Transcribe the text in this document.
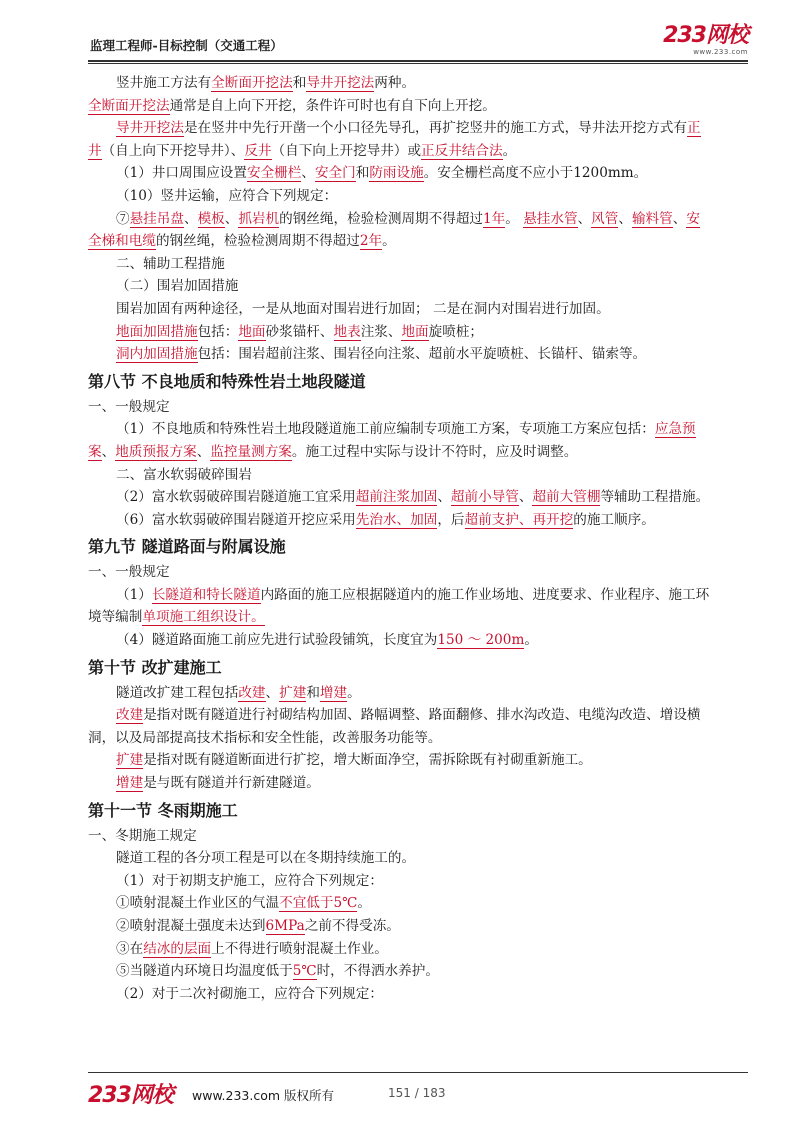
监理工程师-目标控制（交通工程）	233网校
www.233.com
竖井施工方法有全断面开挖法和导井开挖法两种。
全断面开挖法通常是自上向下开挖，条件许可时也有自下向上开挖。
导井开挖法是在竖井中先行开凿一个小口径先导孔，再扩挖竖井的施工方式，导井法开挖方式有正
井（自上向下开挖导井）、反井（自下向上开挖导井）或正反井结合法。
（1）井口周围应设置安全栅栏、安全门和防雨设施。安全栅栏高度不应小于1200mm。
（10）竖井运输，应符合下列规定：
⑦悬挂吊盘、模板、抓岩机的钢丝绳，检验检测周期不得超过1年。 悬挂水管、风管、输料管、安
全梯和电缆的钢丝绳，检验检测周期不得超过2年。
二、辅助工程措施
（二）围岩加固措施
围岩加固有两种途径，一是从地面对围岩进行加固； 二是在洞内对围岩进行加固。
地面加固措施包括：地面砂浆锚杆、地表注浆、地面旋喷桩；
洞内加固措施包括：围岩超前注浆、围岩径向注浆、超前水平旋喷桩、长锚杆、锚索等。
第八节 不良地质和特殊性岩土地段隧道
一、一般规定
（1）不良地质和特殊性岩土地段隧道施工前应编制专项施工方案，专项施工方案应包括：应急预
案、地质预报方案、监控量测方案。施工过程中实际与设计不符时，应及时调整。
二、富水软弱破碎围岩
（2）富水软弱破碎围岩隧道施工宜采用超前注浆加固、超前小导管、超前大管棚等辅助工程措施。
（6）富水软弱破碎围岩隧道开挖应采用先治水、加固，后超前支护、再开挖的施工顺序。
第九节 隧道路面与附属设施
一、一般规定
（1）长隧道和特长隧道内路面的施工应根据隧道内的施工作业场地、进度要求、作业程序、施工环
境等编制单项施工组织设计。
（4）隧道路面施工前应先进行试验段铺筑，长度宜为150 ～ 200m。
第十节 改扩建施工
隧道改扩建工程包括改建、扩建和增建。
改建是指对既有隧道进行衬砌结构加固、路幅调整、路面翻修、排水沟改造、电缆沟改造、增设横
洞，以及局部提高技术指标和安全性能，改善服务功能等。
扩建是指对既有隧道断面进行扩挖，增大断面净空，需拆除既有衬砌重新施工。
增建是与既有隧道并行新建隧道。
第十一节 冬雨期施工
一、冬期施工规定
隧道工程的各分项工程是可以在冬期持续施工的。
（1）对于初期支护施工，应符合下列规定：
①喷射混凝土作业区的气温不宜低于5℃。
②喷射混凝土强度未达到6MPa之前不得受冻。
③在结冰的层面上不得进行喷射混凝土作业。
⑤当隧道内环境日均温度低于5℃时，不得洒水养护。
（2）对于二次衬砌施工，应符合下列规定：
233网校 www.233.com 版权所有	151 / 183
